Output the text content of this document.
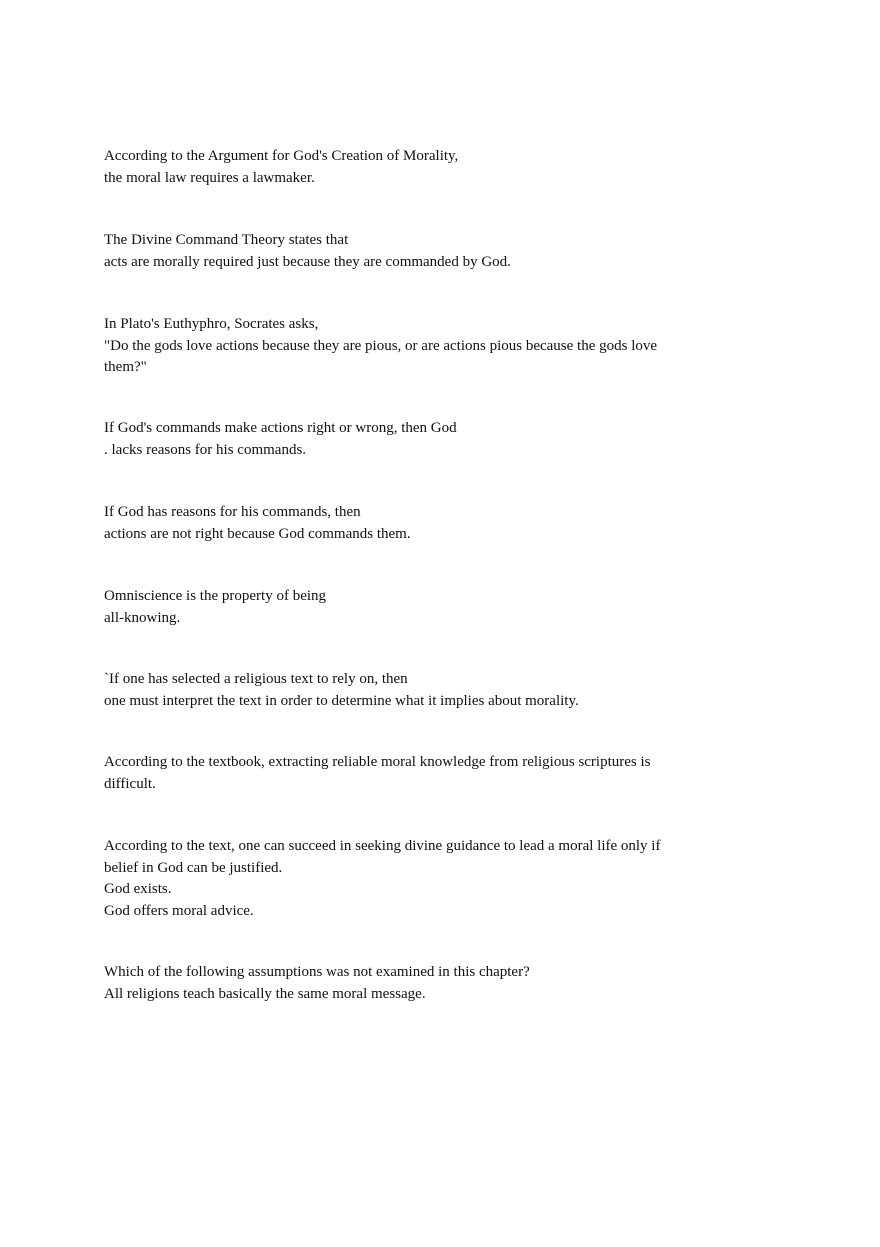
According to the Argument for God's Creation of Morality,
the moral law requires a lawmaker.
The Divine Command Theory states that
acts are morally required just because they are commanded by God.
In Plato's Euthyphro, Socrates asks,
"Do the gods love actions because they are pious, or are actions pious because the gods love
them?"
If God's commands make actions right or wrong, then God
. lacks reasons for his commands.
If God has reasons for his commands, then
actions are not right because God commands them.
Omniscience is the property of being
all-knowing.
`If one has selected a religious text to rely on, then
one must interpret the text in order to determine what it implies about morality.
According to the textbook, extracting reliable moral knowledge from religious scriptures is
difficult.
According to the text, one can succeed in seeking divine guidance to lead a moral life only if
belief in God can be justified.
God exists.
God offers moral advice.
Which of the following assumptions was not examined in this chapter?
All religions teach basically the same moral message.
